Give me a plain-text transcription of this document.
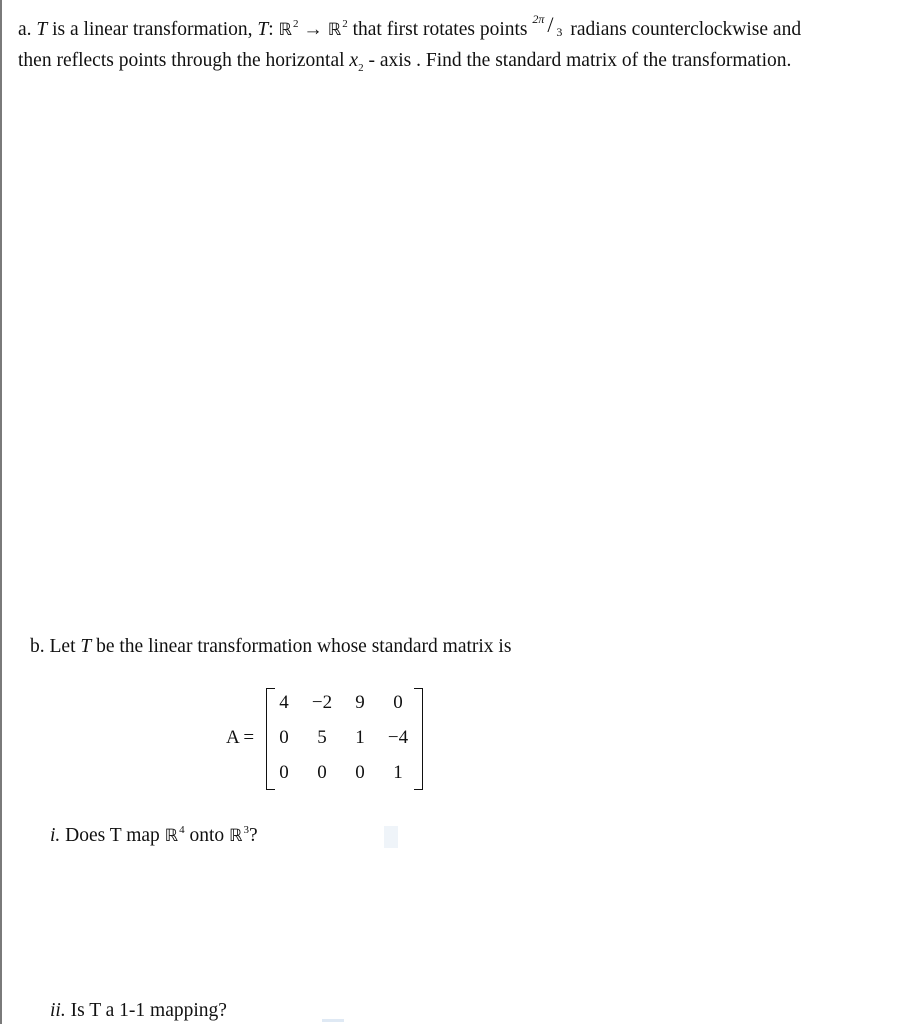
a. T is a linear transformation, T: ℝ$^2$ → ℝ$^2$ that first rotates points 2π / 3 radians counterclockwise and
then reflects points through the horizontal $x_2$ - axis . Find the standard matrix of the transformation.
b. Let T be the linear transformation whose standard matrix is
A =
4	−2	9	0
0	5	1	−4
0	0	0	1
i. Does T map ℝ$^4$ onto ℝ$^3$?
ii. Is T a 1-1 mapping?
